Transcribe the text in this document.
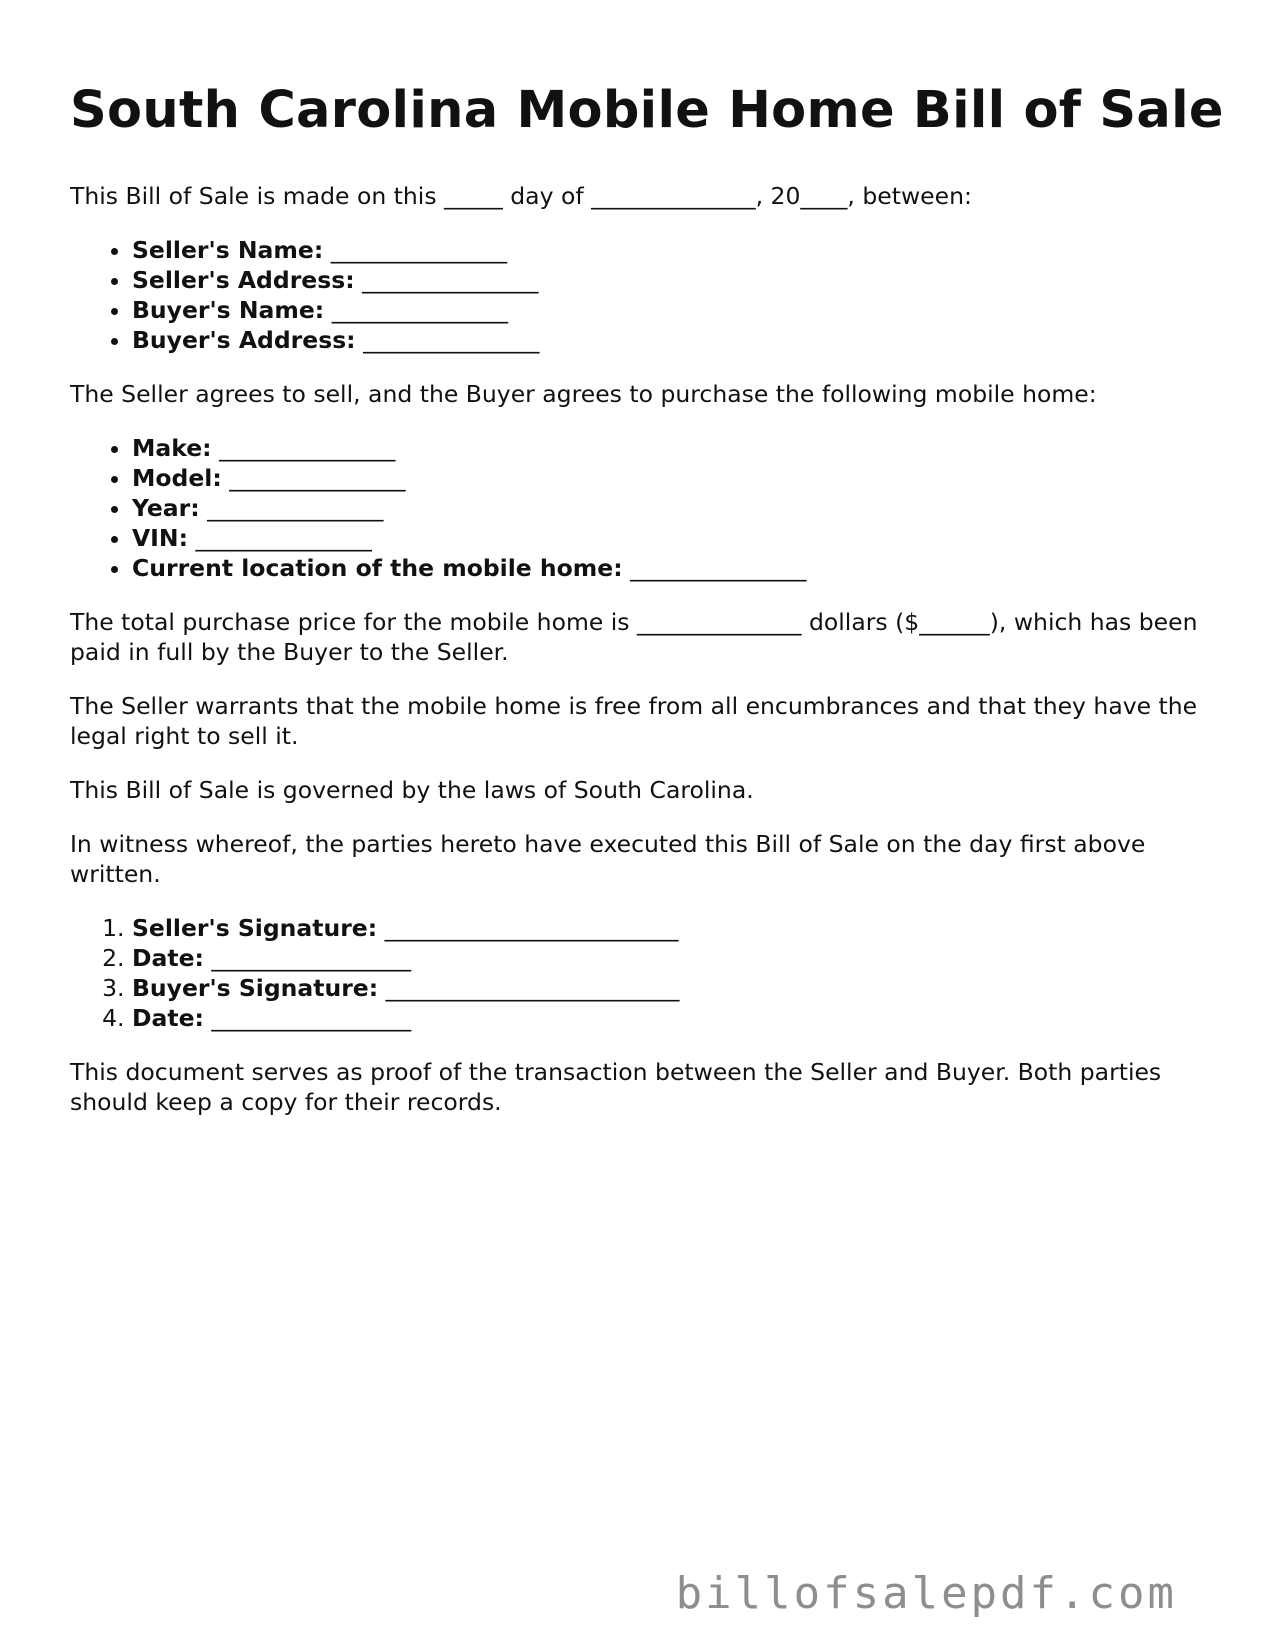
South Carolina Mobile Home Bill of Sale

This Bill of Sale is made on this _____ day of ______________, 20____, between:

• Seller's Name: _______________
• Seller's Address: _______________
• Buyer's Name: _______________
• Buyer's Address: _______________

The Seller agrees to sell, and the Buyer agrees to purchase the following mobile home:

• Make: _______________
• Model: _______________
• Year: _______________
• VIN: _______________
• Current location of the mobile home: _______________

The total purchase price for the mobile home is ______________ dollars ($______), which has been paid in full by the Buyer to the Seller.

The Seller warrants that the mobile home is free from all encumbrances and that they have the legal right to sell it.

This Bill of Sale is governed by the laws of South Carolina.

In witness whereof, the parties hereto have executed this Bill of Sale on the day first above written.

1. Seller's Signature: _________________________
2. Date: _________________
3. Buyer's Signature: _________________________
4. Date: _________________

This document serves as proof of the transaction between the Seller and Buyer. Both parties should keep a copy for their records.

billofsalepdf.com
